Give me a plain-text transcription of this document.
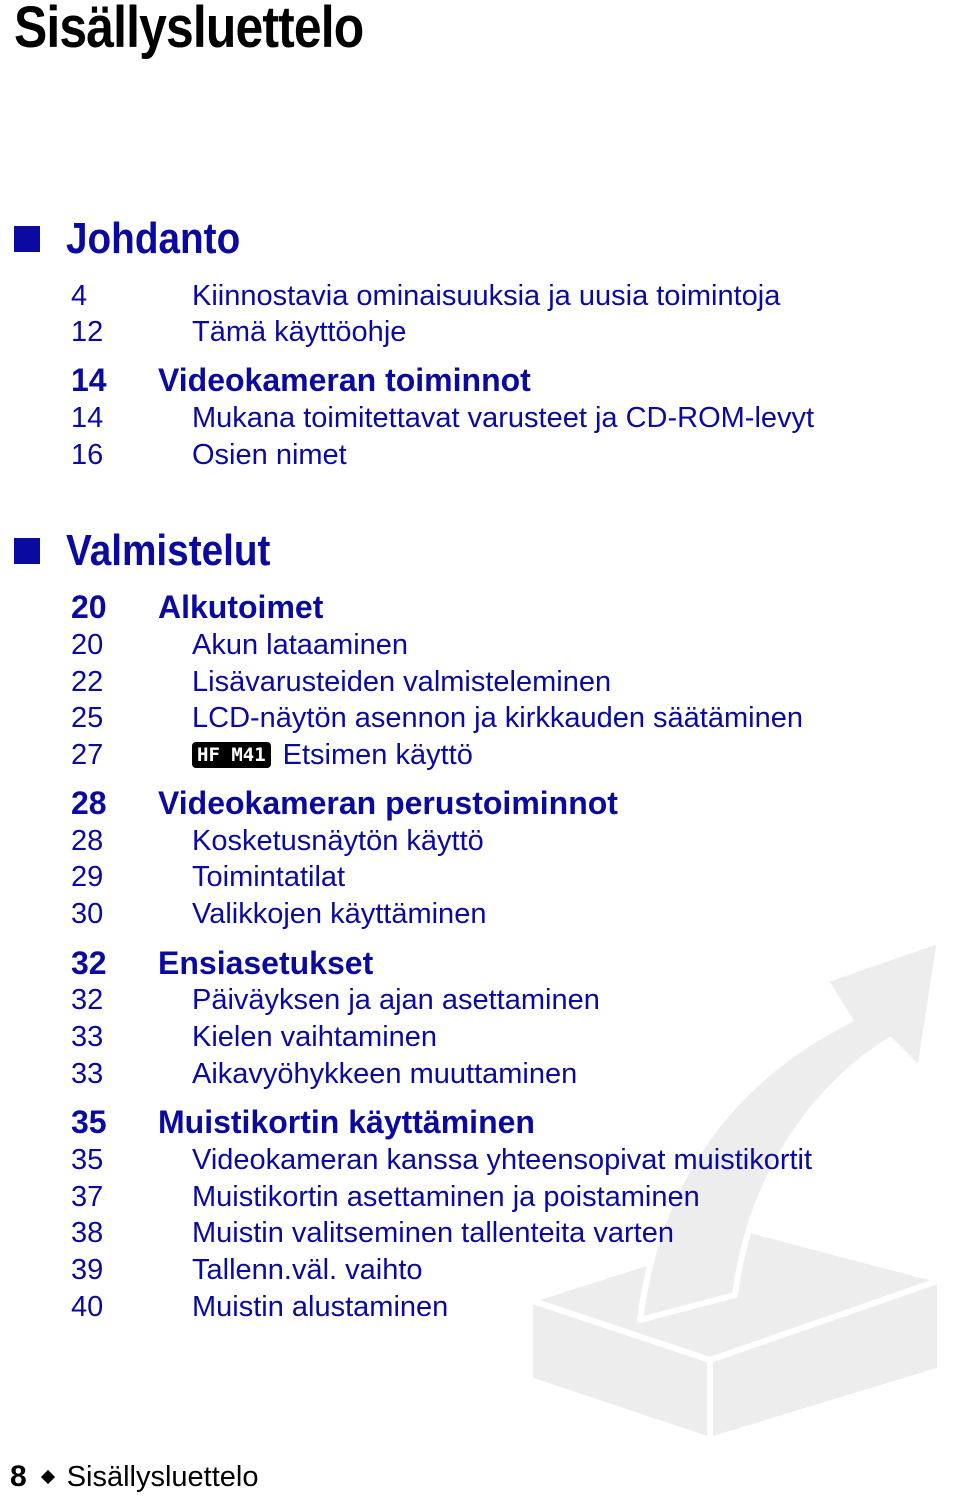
Sisällysluettelo
Johdanto
4	Kiinnostavia ominaisuuksia ja uusia toimintoja
12	Tämä käyttöohje
14 Videokameran toiminnot
14	Mukana toimitettavat varusteet ja CD-ROM-levyt
16	Osien nimet
Valmistelut
20 Alkutoimet
20	Akun lataaminen
22	Lisävarusteiden valmisteleminen
25	LCD-näytön asennon ja kirkkauden säätäminen
27	HF M41 Etsimen käyttö
28 Videokameran perustoiminnot
28	Kosketusnäytön käyttö
29	Toimintatilat
30	Valikkojen käyttäminen
32 Ensiasetukset
32	Päiväyksen ja ajan asettaminen
33	Kielen vaihtaminen
33	Aikavyöhykkeen muuttaminen
35 Muistikortin käyttäminen
35	Videokameran kanssa yhteensopivat muistikortit
37	Muistikortin asettaminen ja poistaminen
38	Muistin valitseminen tallenteita varten
39	Tallenn.väl. vaihto
40	Muistin alustaminen
8 Sisällysluettelo
